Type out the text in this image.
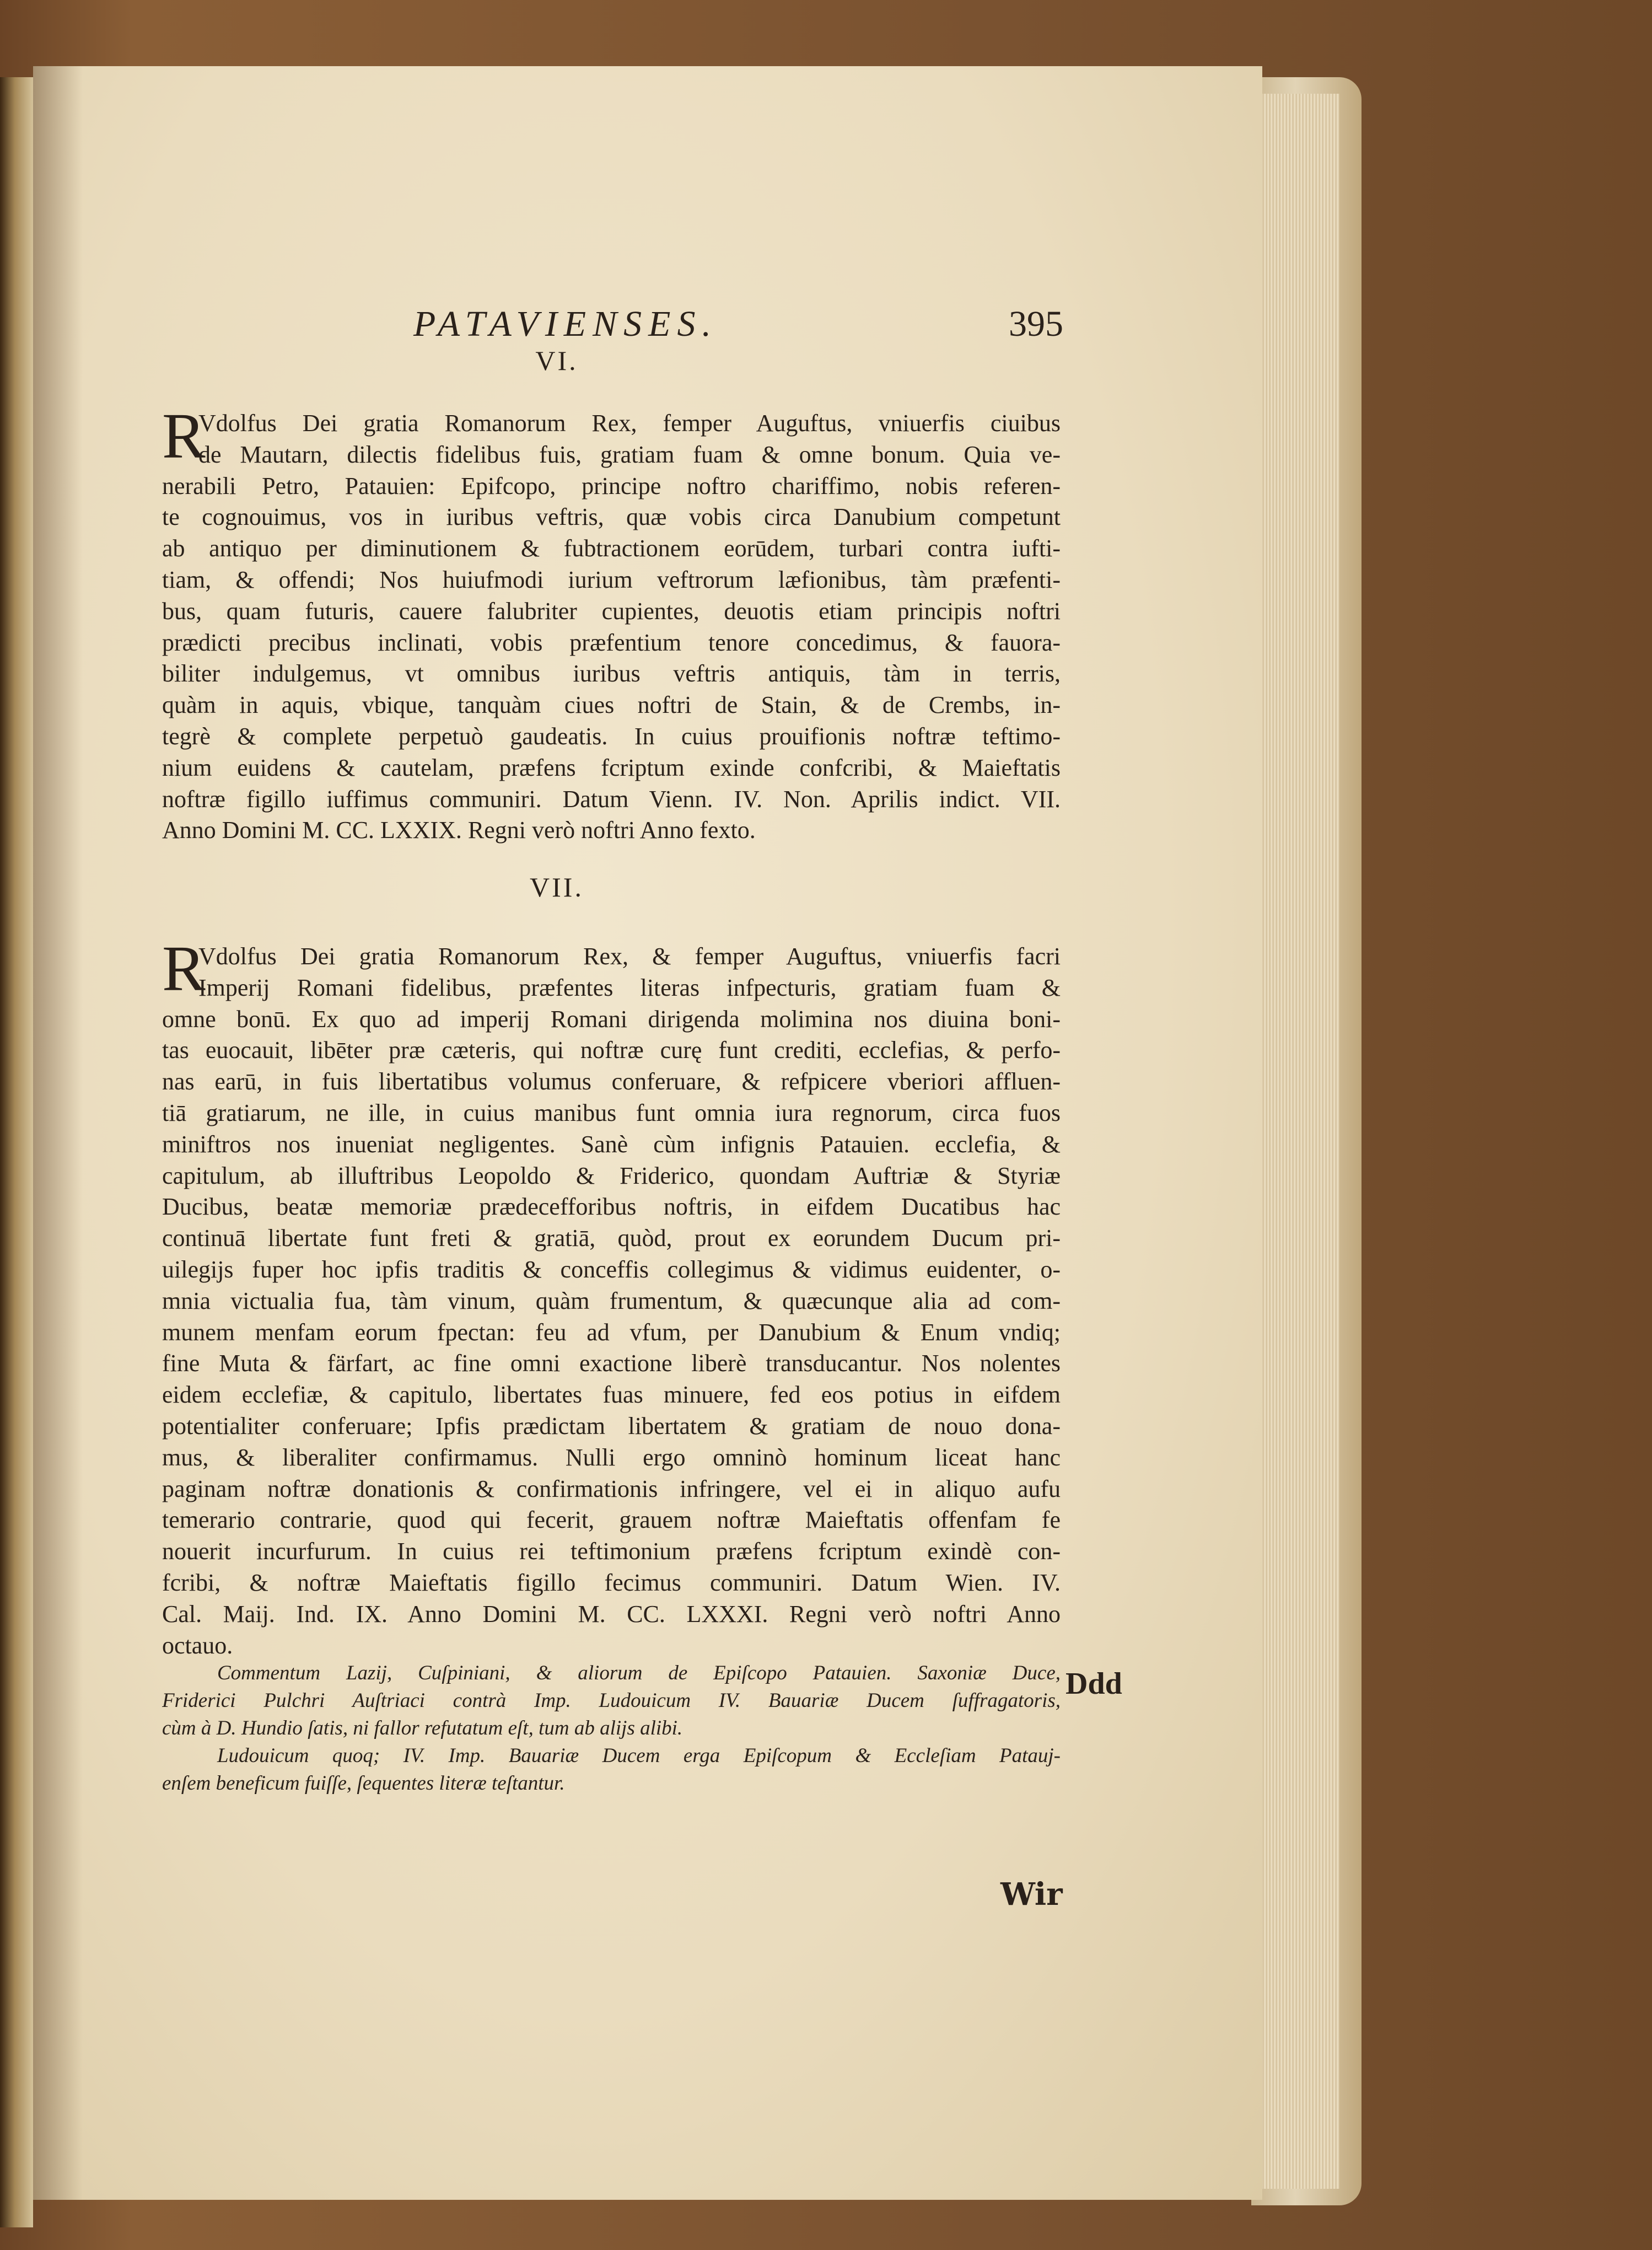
PATAVIENSES.	395
VI.
R
Vdolfus Dei gratia Romanorum Rex, femper Auguftus, vniuerfis ciuibus
de Mautarn, dilectis fidelibus fuis, gratiam fuam & omne bonum. Quia ve-
nerabili Petro, Patauien: Epifcopo, principe noftro chariffimo, nobis referen-
te cognouimus, vos in iuribus veftris, quæ vobis circa Danubium competunt
ab antiquo per diminutionem & fubtractionem eorūdem, turbari contra iufti-
tiam, & offendi; Nos huiufmodi iurium veftrorum læfionibus, tàm præfenti-
bus, quam futuris, cauere falubriter cupientes, deuotis etiam principis noftri
prædicti precibus inclinati, vobis præfentium tenore concedimus, & fauora-
biliter indulgemus, vt omnibus iuribus veftris antiquis, tàm in terris,
quàm in aquis, vbique, tanquàm ciues noftri de Stain, & de Crembs, in-
tegrè & complete perpetuò gaudeatis. In cuius prouifionis noftræ teftimo-
nium euidens & cautelam, præfens fcriptum exinde confcribi, & Maieftatis
noftræ figillo iuffimus communiri. Datum Vienn. IV. Non. Aprilis indict. VII.
Anno Domini M. CC. LXXIX. Regni verò noftri Anno fexto.
VII.
R
Vdolfus Dei gratia Romanorum Rex, & femper Auguftus, vniuerfis facri
Imperij Romani fidelibus, præfentes literas infpecturis, gratiam fuam &
omne bonū. Ex quo ad imperij Romani dirigenda molimina nos diuina boni-
tas euocauit, libēter præ cæteris, qui noftræ curę funt crediti, ecclefias, & perfo-
nas earū, in fuis libertatibus volumus conferuare, & refpicere vberiori affluen-
tiā gratiarum, ne ille, in cuius manibus funt omnia iura regnorum, circa fuos
miniftros nos inueniat negligentes. Sanè cùm infignis Patauien. ecclefia, &
capitulum, ab illuftribus Leopoldo & Friderico, quondam Auftriæ & Styriæ
Ducibus, beatæ memoriæ prædecefforibus noftris, in eifdem Ducatibus hac
continuā libertate funt freti & gratiā, quòd, prout ex eorundem Ducum pri-
uilegijs fuper hoc ipfis traditis & conceffis collegimus & vidimus euidenter, o-
mnia victualia fua, tàm vinum, quàm frumentum, & quæcunque alia ad com-
munem menfam eorum fpectan: feu ad vfum, per Danubium & Enum vndiq;
fine Muta & färfart, ac fine omni exactione liberè transducantur. Nos nolentes
eidem ecclefiæ, & capitulo, libertates fuas minuere, fed eos potius in eifdem
potentialiter conferuare; Ipfis prædictam libertatem & gratiam de nouo dona-
mus, & liberaliter confirmamus. Nulli ergo omninò hominum liceat hanc
paginam noftræ donationis & confirmationis infringere, vel ei in aliquo aufu
temerario contrarie, quod qui fecerit, grauem noftræ Maieftatis offenfam fe
nouerit incurfurum. In cuius rei teftimonium præfens fcriptum exindè con-
fcribi, & noftræ Maieftatis figillo fecimus communiri. Datum Wien. IV.
Cal. Maij. Ind. IX. Anno Domini M. CC. LXXXI. Regni verò noftri Anno
octauo.
Commentum Lazij, Cuſpiniani, & aliorum de Epiſcopo Patauien. Saxoniæ Duce,
Friderici Pulchri Auſtriaci contrà Imp. Ludouicum IV. Bauariæ Ducem ſuffragatoris,
cùm à D. Hundio ſatis, ni fallor refutatum eſt, tum ab alijs alibi.
Ludouicum quoq; IV. Imp. Bauariæ Ducem erga Epiſcopum & Eccleſiam Patauj-
enſem beneficum fuiſſe, ſequentes literæ teſtantur.
Ddd
Wir
